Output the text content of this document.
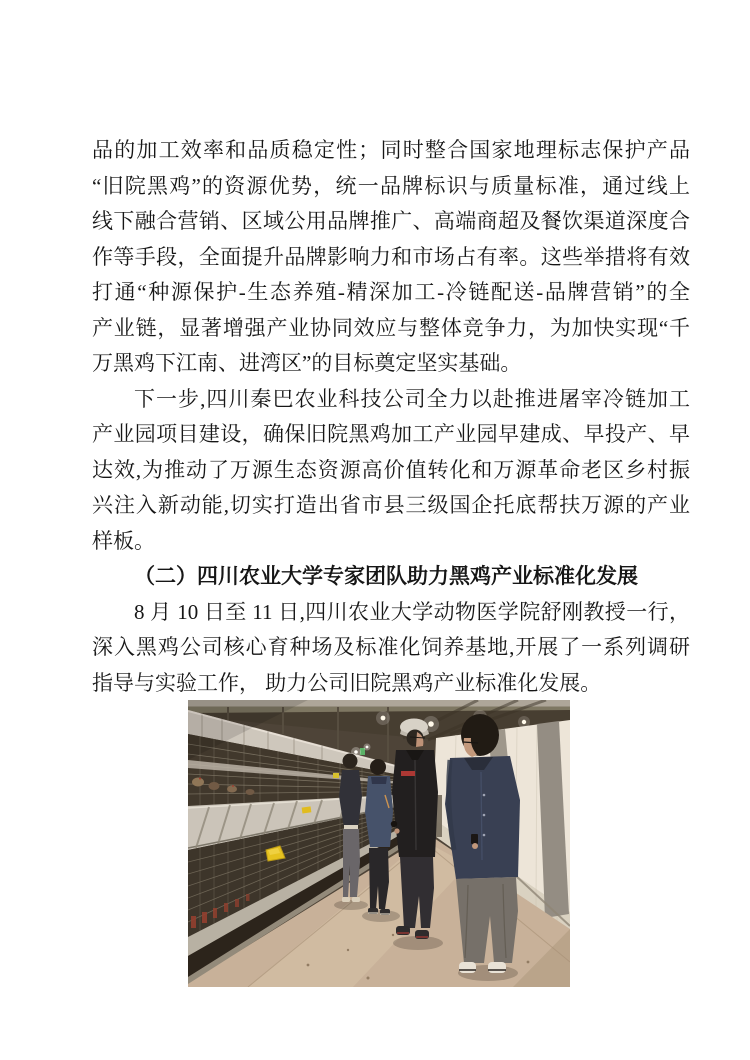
品的加工效率和品质稳定性；同时整合国家地理标志保护产品
“旧院黑鸡”的资源优势，统一品牌标识与质量标准，通过线上
线下融合营销、区域公用品牌推广、高端商超及餐饮渠道深度合
作等手段，全面提升品牌影响力和市场占有率。这些举措将有效
打通“种源保护-生态养殖-精深加工-冷链配送-品牌营销”的全
产业链，显著增强产业协同效应与整体竞争力，为加快实现“千
万黑鸡下江南、进湾区”的目标奠定坚实基础。
下一步,四川秦巴农业科技公司全力以赴推进屠宰冷链加工
产业园项目建设，确保旧院黑鸡加工产业园早建成、早投产、早
达效,为推动了万源生态资源高价值转化和万源革命老区乡村振
兴注入新动能,切实打造出省市县三级国企托底帮扶万源的产业
样板。
（二）四川农业大学专家团队助力黑鸡产业标准化发展
8 月 10 日至 11 日,四川农业大学动物医学院舒刚教授一行，
深入黑鸡公司核心育种场及标准化饲养基地,开展了一系列调研
指导与实验工作， 助力公司旧院黑鸡产业标准化发展。
